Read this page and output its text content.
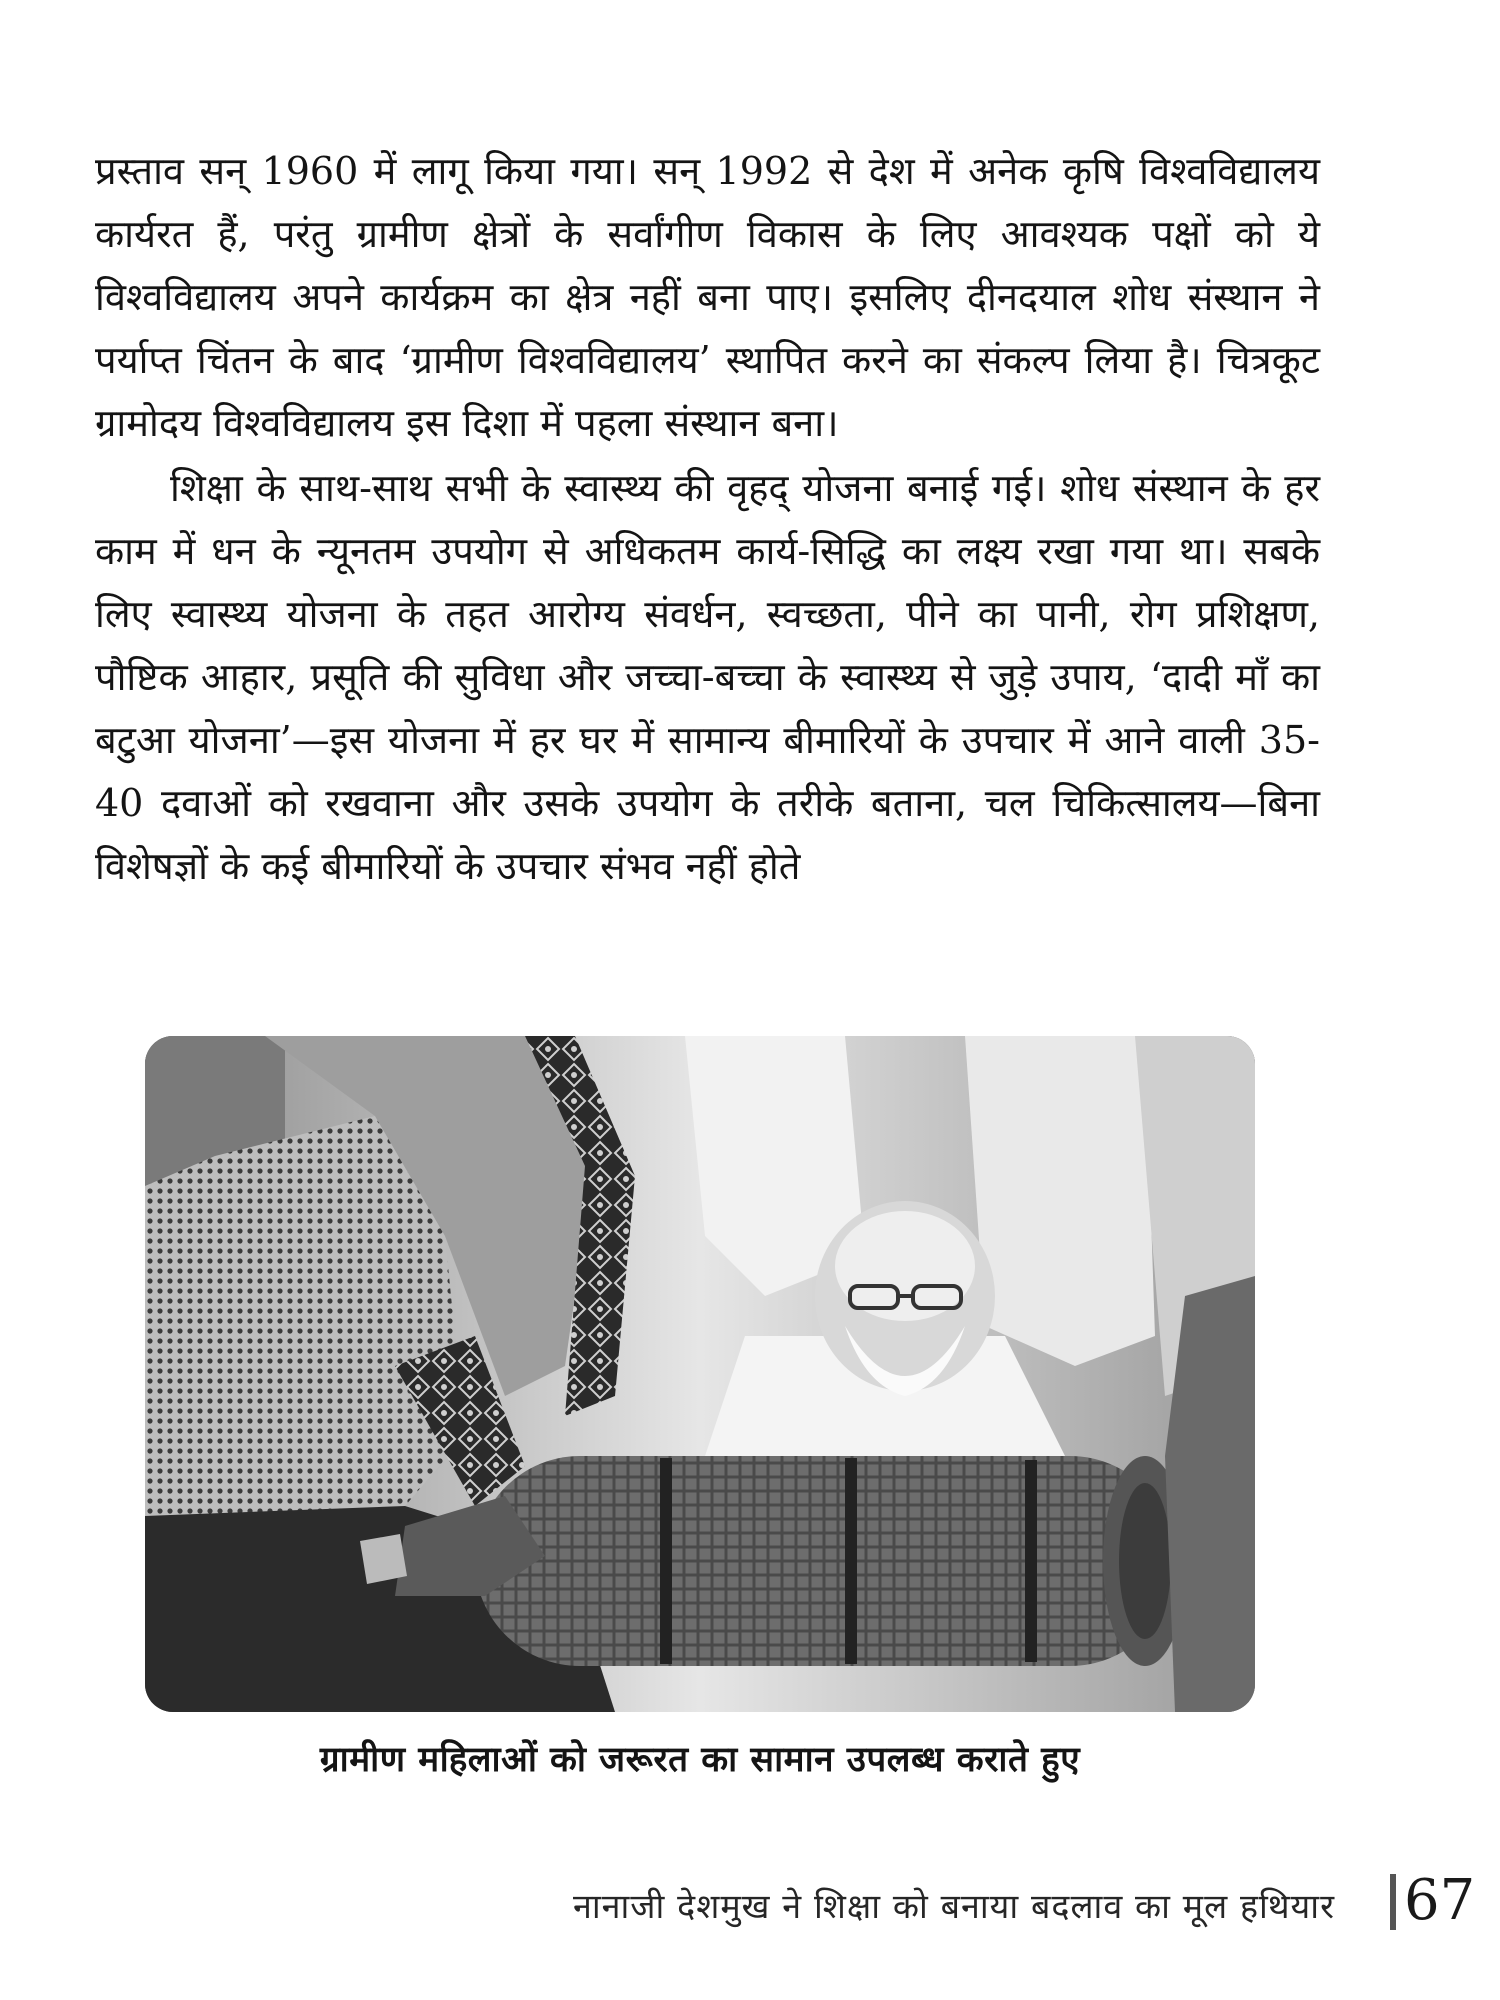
प्रस्ताव सन् 1960 में लागू किया गया। सन् 1992 से देश में अनेक कृषि विश्वविद्यालय कार्यरत हैं, परंतु ग्रामीण क्षेत्रों के सर्वांगीण विकास के लिए आवश्यक पक्षों को ये विश्वविद्यालय अपने कार्यक्रम का क्षेत्र नहीं बना पाए। इसलिए दीनदयाल शोध संस्थान ने पर्याप्त चिंतन के बाद ‘ग्रामीण विश्वविद्यालय’ स्थापित करने का संकल्प लिया है। चित्रकूट ग्रामोदय विश्वविद्यालय इस दिशा में पहला संस्थान बना।

शिक्षा के साथ-साथ सभी के स्वास्थ्य की वृहद् योजना बनाई गई। शोध संस्थान के हर काम में धन के न्यूनतम उपयोग से अधिकतम कार्य-सिद्धि का लक्ष्य रखा गया था। सबके लिए स्वास्थ्य योजना के तहत आरोग्य संवर्धन, स्वच्छता, पीने का पानी, रोग प्रशिक्षण, पौष्टिक आहार, प्रसूति की सुविधा और जच्चा-बच्चा के स्वास्थ्य से जुड़े उपाय, ‘दादी माँ का बटुआ योजना’—इस योजना में हर घर में सामान्य बीमारियों के उपचार में आने वाली 35-40 दवाओं को रखवाना और उसके उपयोग के तरीके बताना, चल चिकित्सालय—बिना विशेषज्ञों के कई बीमारियों के उपचार संभव नहीं होते

ग्रामीण महिलाओं को जरूरत का सामान उपलब्ध कराते हुए
नानाजी देशमुख ने शिक्षा को बनाया बदलाव का मूल हथियार 67
